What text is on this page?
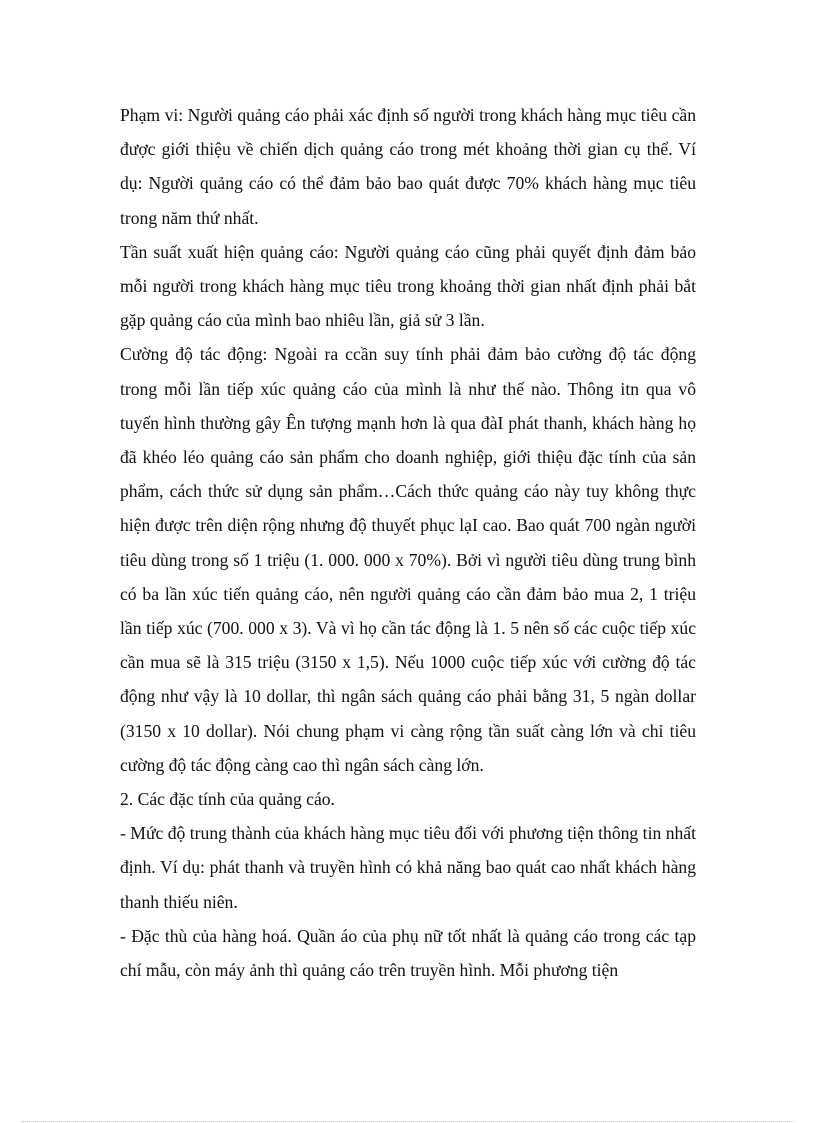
Phạm vi: Người quảng cáo phải xác định số người trong khách hàng mục tiêu cần được giới thiệu về chiến dịch quảng cáo trong mét khoảng thời gian cụ thể. Ví dụ: Người quảng cáo có thể đảm bảo bao quát được 70% khách hàng mục tiêu trong năm thứ nhất.

Tần suất xuất hiện quảng cáo: Người quảng cáo cũng phải quyết định đảm bảo mỗi người trong khách hàng mục tiêu trong khoảng thời gian nhất định phải bắt gặp quảng cáo của mình bao nhiêu lần, giả sử 3 lần.

Cường độ tác động: Ngoài ra ccần suy tính phải đảm bảo cường độ tác động trong mỗi lần tiếp xúc quảng cáo của mình là như thế nào. Thông itn qua vô tuyến hình thường gây Ên tượng mạnh hơn là qua đàI phát thanh, khách hàng họ đã khéo léo quảng cáo sản phẩm cho doanh nghiệp, giới thiệu đặc tính của sản phẩm, cách thức sử dụng sản phẩm…Cách thức quảng cáo này tuy không thực hiện được trên diện rộng nhưng độ thuyết phục lạI cao. Bao quát 700 ngàn người tiêu dùng trong số 1 triệu (1. 000. 000 x 70%). Bởi vì người tiêu dùng trung bình có ba lần xúc tiến quảng cáo, nên người quảng cáo cần đảm bảo mua 2, 1 triệu lần tiếp xúc (700. 000 x 3). Và vì họ cần tác động là 1. 5 nên số các cuộc tiếp xúc cần mua sẽ là 315 triệu (3150 x 1,5). Nếu 1000 cuộc tiếp xúc với cường độ tác động như vậy là 10 dollar, thì ngân sách quảng cáo phải bằng 31, 5 ngàn dollar (3150 x 10 dollar). Nói chung phạm vi càng rộng tần suất càng lớn và chỉ tiêu cường độ tác động càng cao thì ngân sách càng lớn.

2. Các đặc tính của quảng cáo.

- Mức độ trung thành của khách hàng mục tiêu đối với phương tiện thông tin nhất định. Ví dụ: phát thanh và truyền hình có khả năng bao quát cao nhất khách hàng thanh thiếu niên.

- Đặc thù của hàng hoá. Quần áo của phụ nữ tốt nhất là quảng cáo trong các tạp chí mẫu, còn máy ảnh thì quảng cáo trên truyền hình. Mỗi phương tiện
